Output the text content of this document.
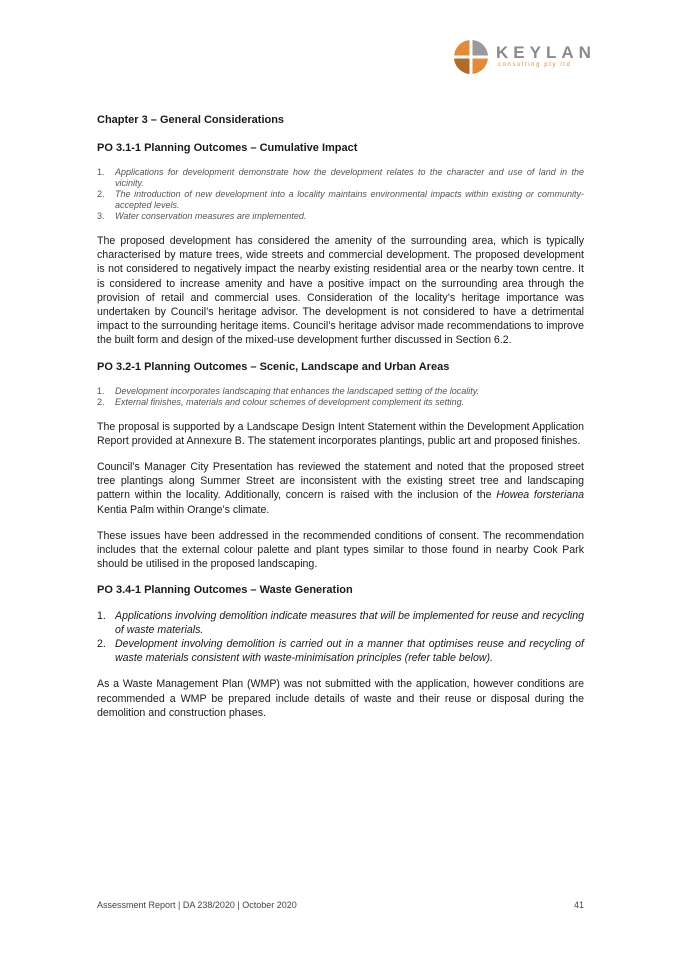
KEYLAN
consulting pty ltd
Chapter 3 – General Considerations
PO 3.1-1 Planning Outcomes – Cumulative Impact
1. Applications for development demonstrate how the development relates to the character and use of land in the vicinity.
2. The introduction of new development into a locality maintains environmental impacts within existing or community-accepted levels.
3. Water conservation measures are implemented.

The proposed development has considered the amenity of the surrounding area, which is typically characterised by mature trees, wide streets and commercial development. The proposed development is not considered to negatively impact the nearby existing residential area or the nearby town centre. It is considered to increase amenity and have a positive impact on the surrounding area through the provision of retail and commercial uses. Consideration of the locality’s heritage importance was undertaken by Council’s heritage advisor. The development is not considered to have a detrimental impact to the surrounding heritage items. Council’s heritage advisor made recommendations to improve the built form and design of the mixed-use development further discussed in Section 6.2.

PO 3.2-1 Planning Outcomes – Scenic, Landscape and Urban Areas
1. Development incorporates landscaping that enhances the landscaped setting of the locality.
2. External finishes, materials and colour schemes of development complement its setting.

The proposal is supported by a Landscape Design Intent Statement within the Development Application Report provided at Annexure B. The statement incorporates plantings, public art and proposed finishes.

Council’s Manager City Presentation has reviewed the statement and noted that the proposed street tree plantings along Summer Street are inconsistent with the existing street tree and landscaping pattern within the locality. Additionally, concern is raised with the inclusion of the Howea forsteriana Kentia Palm within Orange’s climate.

These issues have been addressed in the recommended conditions of consent. The recommendation includes that the external colour palette and plant types similar to those found in nearby Cook Park should be utilised in the proposed landscaping.

PO 3.4-1 Planning Outcomes – Waste Generation
1. Applications involving demolition indicate measures that will be implemented for reuse and recycling of waste materials.
2. Development involving demolition is carried out in a manner that optimises reuse and recycling of waste materials consistent with waste-minimisation principles (refer table below).

As a Waste Management Plan (WMP) was not submitted with the application, however conditions are recommended a WMP be prepared include details of waste and their reuse or disposal during the demolition and construction phases.

Assessment Report | DA 238/2020 | October 2020	41
